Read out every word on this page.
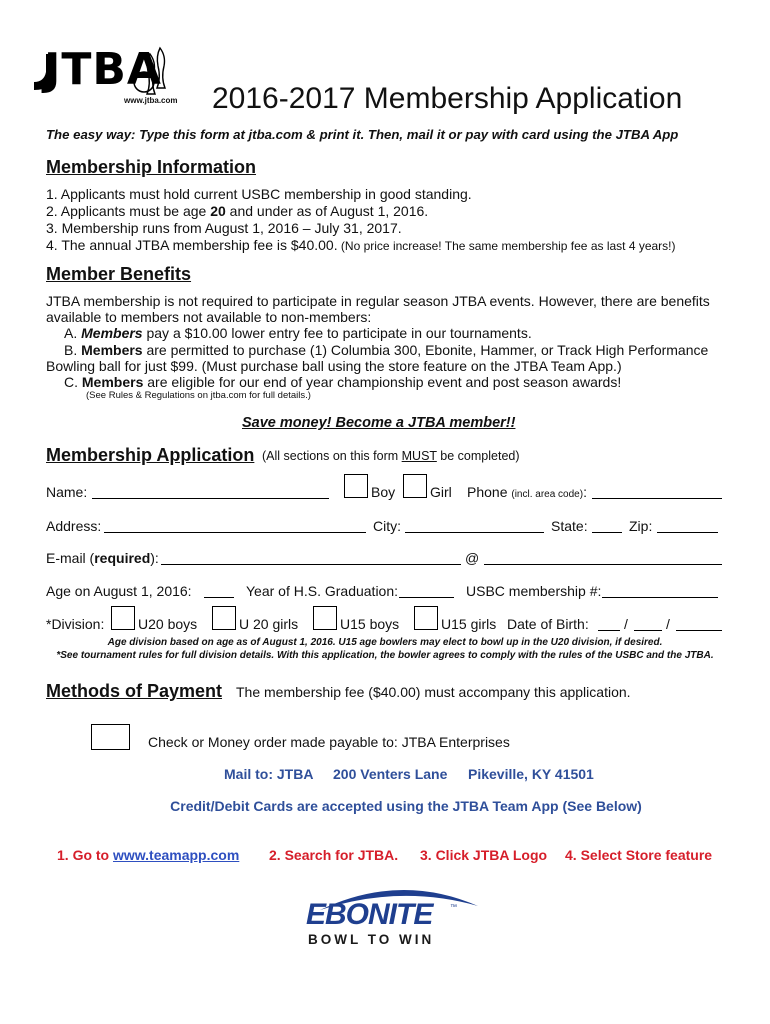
JTBA
www.jtba.com 2016-2017 Membership Application
The easy way: Type this form at jtba.com & print it. Then, mail it or pay with card using the JTBA App
Membership Information
1. Applicants must hold current USBC membership in good standing.
2. Applicants must be age 20 and under as of August 1, 2016.
3. Membership runs from August 1, 2016 – July 31, 2017.
4. The annual JTBA membership fee is $40.00. (No price increase! The same membership fee as last 4 years!)
Member Benefits
JTBA membership is not required to participate in regular season JTBA events. However, there are benefits
available to members not available to non-members:
A. Members pay a $10.00 lower entry fee to participate in our tournaments.
B. Members are permitted to purchase (1) Columbia 300, Ebonite, Hammer, or Track High Performance
Bowling ball for just $99. (Must purchase ball using the store feature on the JTBA Team App.)
C. Members are eligible for our end of year championship event and post season awards!
(See Rules & Regulations on jtba.com for full details.)
Save money! Become a JTBA member!!
Membership Application (All sections on this form MUST be completed)
Name:	Boy Girl Phone (incl. area code):
Address:	City:	State:	Zip:
E-mail (required):	@
Age on August 1, 2016:	Year of H.S. Graduation:	USBC membership #:
*Division: U20 boys	U 20 girls	U15 boys	U15 girls Date of Birth:	/	/
Age division based on age as of August 1, 2016. U15 age bowlers may elect to bowl up in the U20 division, if desired.
*See tournament rules for full division details. With this application, the bowler agrees to comply with the rules of the USBC and the JTBA.
Methods of Payment The membership fee ($40.00) must accompany this application.
Check or Money order made payable to: JTBA Enterprises
Mail to: JTBA 200 Venters Lane Pikeville, KY 41501
Credit/Debit Cards are accepted using the JTBA Team App (See Below)
1. Go to www.teamapp.com 2. Search for JTBA. 3. Click JTBA Logo 4. Select Store feature
EBONITE	™
BOWL TO WIN
